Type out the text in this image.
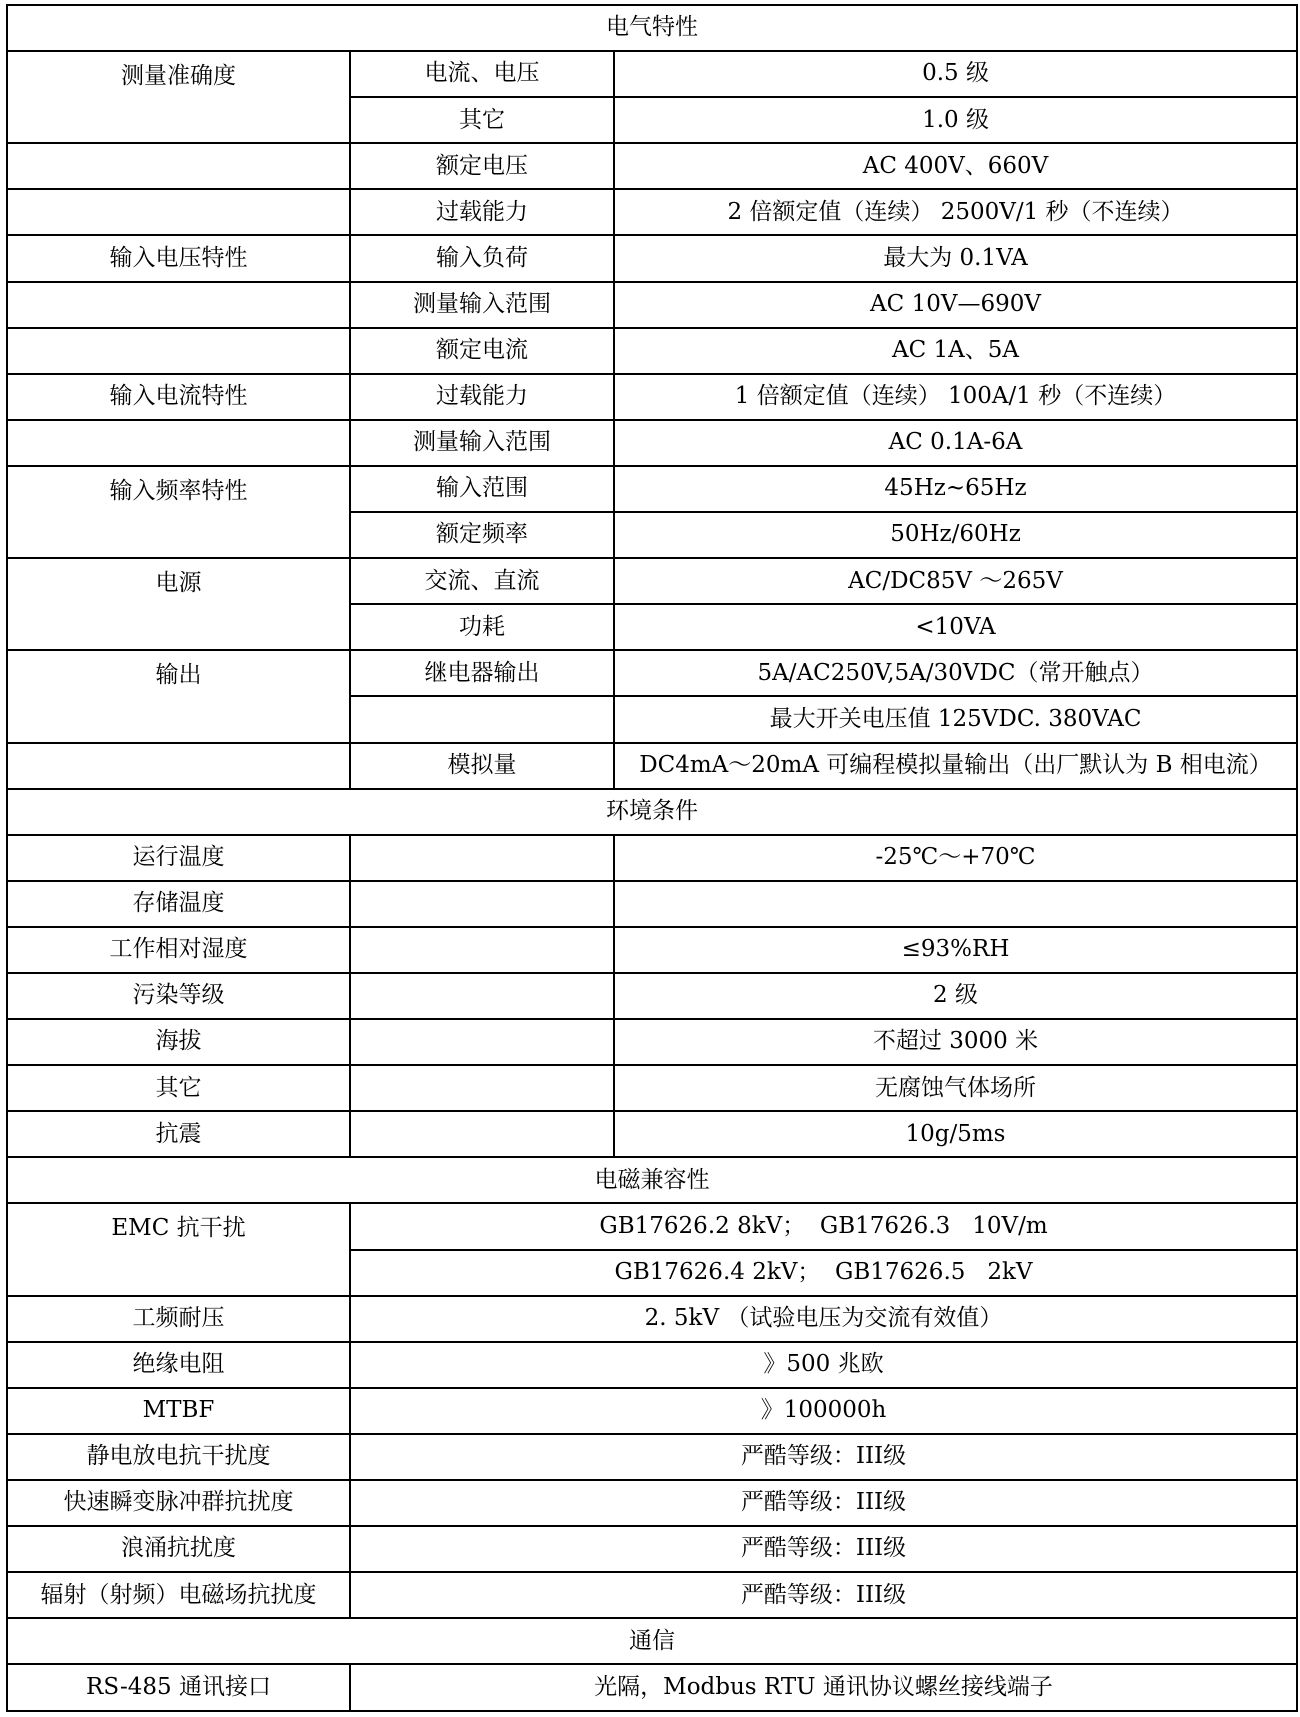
电气特性		
测量准确度	电流、电压	0.5 级
	其它	1.0 级
	额定电压	AC 400V、660V
	过载能力	2 倍额定值（连续） 2500V/1 秒（不连续）
输入电压特性	输入负荷	最大为 0.1VA
	测量输入范围	AC 10V—690V
	额定电流	AC 1A、5A
输入电流特性	过载能力	1 倍额定值（连续） 100A/1 秒（不连续）
	测量输入范围	AC 0.1A-6A
输入频率特性	输入范围	45Hz~65Hz
	额定频率	50Hz/60Hz
电源	交流、直流	AC/DC85V ～265V
	功耗	<10VA
输出	继电器输出	5A/AC250V,5A/30VDC（常开触点）
		最大开关电压值 125VDC. 380VAC
	模拟量	DC4mA～20mA 可编程模拟量输出（出厂默认为 B 相电流）
环境条件		
运行温度		-25℃～+70℃
存储温度		
工作相对湿度		≤93%RH
污染等级		2 级
海拔		不超过 3000 米
其它		无腐蚀气体场所
抗震		10g/5ms
电磁兼容性		
EMC 抗干扰	GB17626.2 8kV；  GB17626.3   10V/m	
	GB17626.4 2kV；  GB17626.5   2kV	
工频耐压	2. 5kV （试验电压为交流有效值）	
绝缘电阻	》500 兆欧	
MTBF	》100000h	
静电放电抗干扰度	严酷等级：III级	
快速瞬变脉冲群抗扰度	严酷等级：III级	
浪涌抗扰度	严酷等级：III级	
辐射（射频）电磁场抗扰度	严酷等级：III级	
通信		
RS-485 通讯接口	光隔，Modbus RTU 通讯协议螺丝接线端子	
